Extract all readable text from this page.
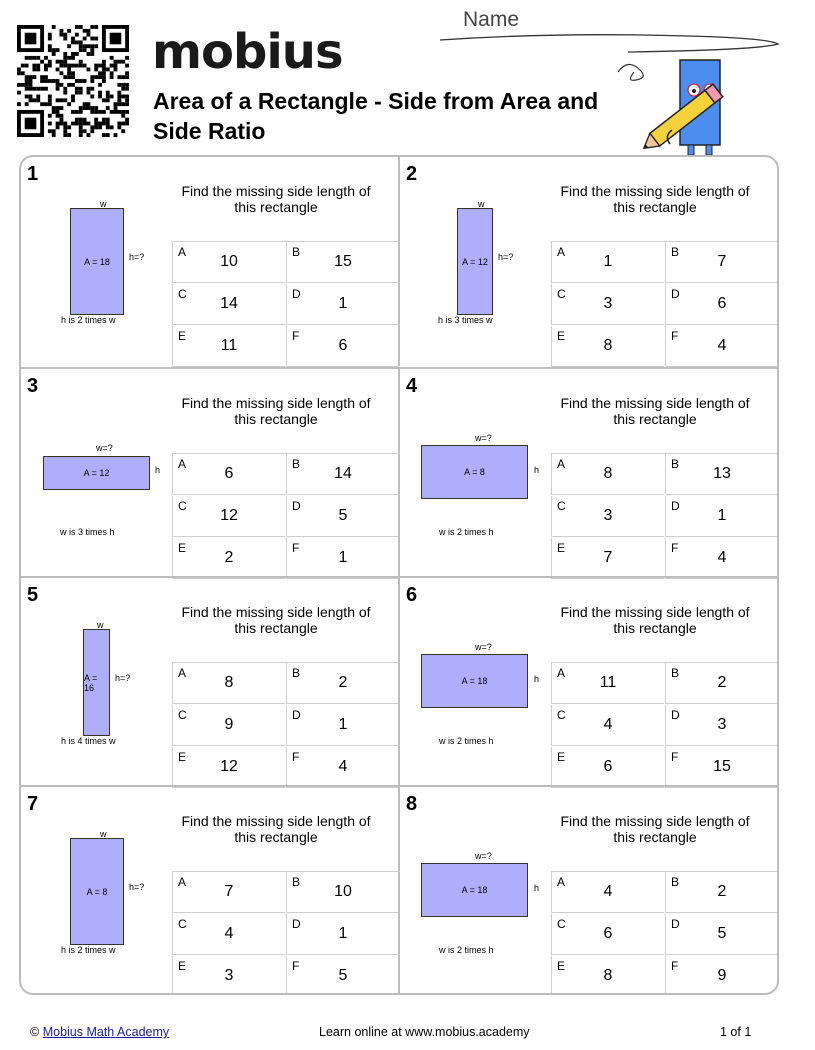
mobius
Area of a Rectangle - Side from Area and Side Ratio
Name
1
Find the missing side length of this rectangle
A = 18
w
h=?
h is 2 times w
A
10
B
15
C
14
D
1
E
11
F
6
2
Find the missing side length of this rectangle
A = 12
w
h=?
h is 3 times w
A
1
B
7
C
3
D
6
E
8
F
4
3
Find the missing side length of this rectangle
A = 12
w=?
h
w is 3 times h
A
6
B
14
C
12
D
5
E
2
F
1
4
Find the missing side length of this rectangle
A = 8
w=?
h
w is 2 times h
A
8
B
13
C
3
D
1
E
7
F
4
5
Find the missing side length of this rectangle
A = 16
w
h=?
h is 4 times w
A
8
B
2
C
9
D
1
E
12
F
4
6
Find the missing side length of this rectangle
A = 18
w=?
h
w is 2 times h
A
11
B
2
C
4
D
3
E
6
F
15
7
Find the missing side length of this rectangle
A = 8
w
h=?
h is 2 times w
A
7
B
10
C
4
D
1
E
3
F
5
8
Find the missing side length of this rectangle
A = 18
w=?
h
w is 2 times h
A
4
B
2
C
6
D
5
E
8
F
9
© Mobius Math Academy	Learn online at www.mobius.academy	1 of 1
